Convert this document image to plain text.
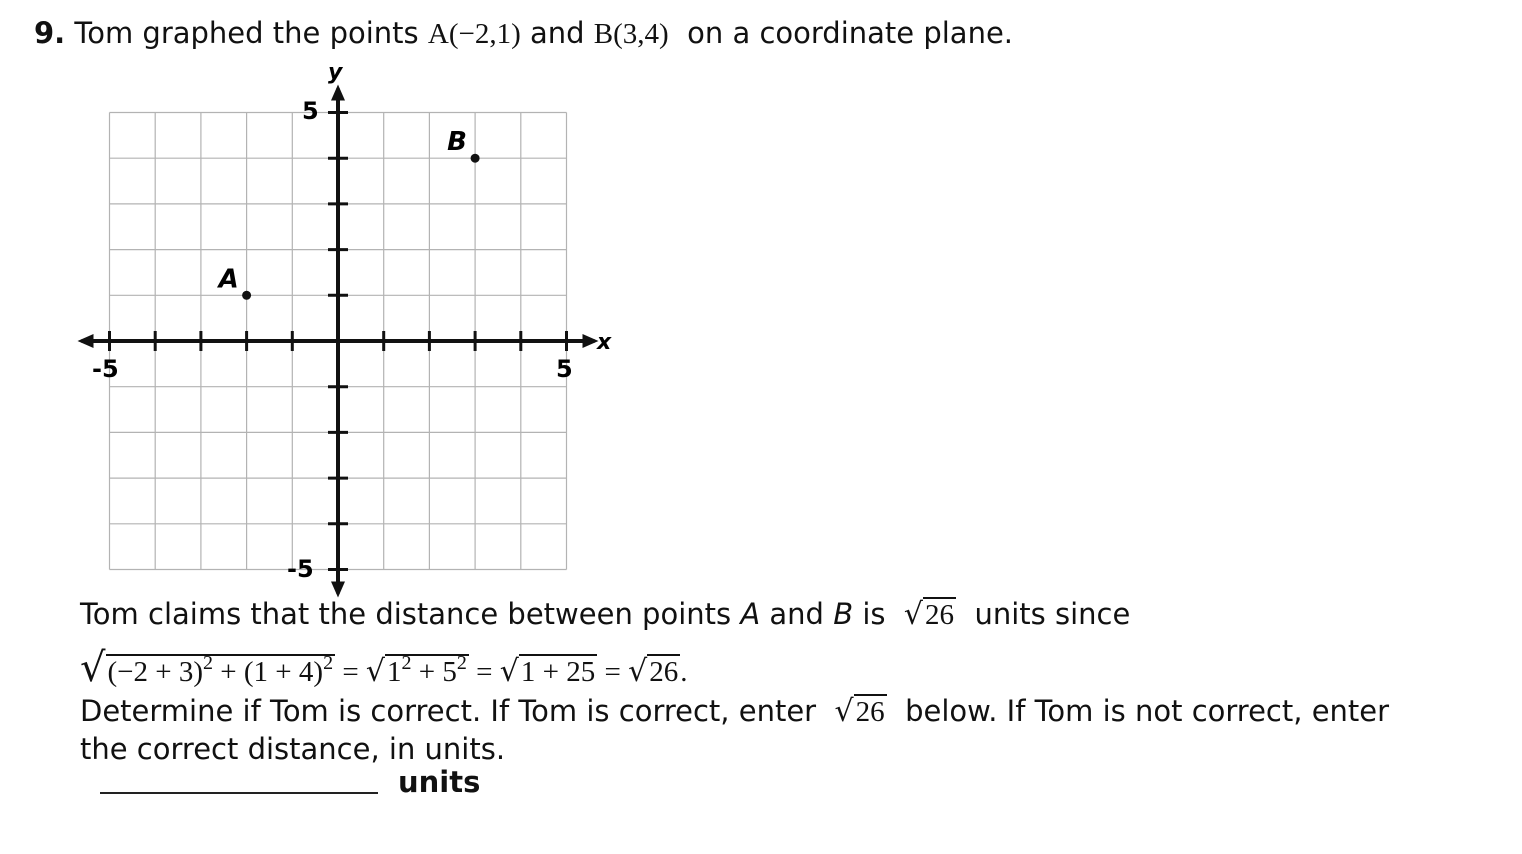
9. Tom graphed the points A(−2,1) and B(3,4) on a coordinate plane.
x
y
-5	5
5
-5
A
B
Tom claims that the distance between points A and B is √26 units since
$√(-2 + 3)^2 + (1 + 4)^2 = √1^2 + 5^2 = √1 + 25 = √26$.
Determine if Tom is correct. If Tom is correct, enter √26 below. If Tom is not correct, enter
the correct distance, in units.
units
